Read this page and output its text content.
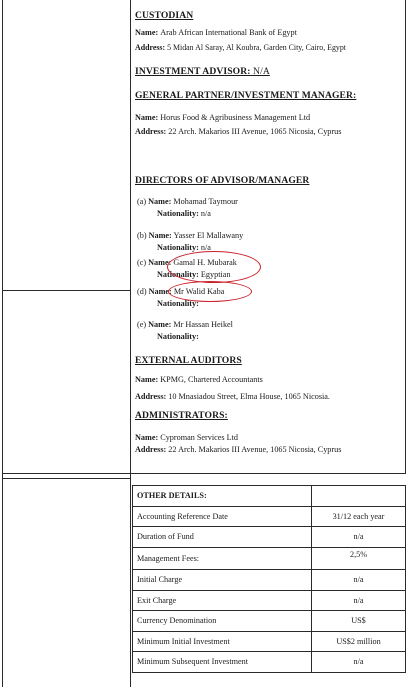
CUSTODIAN
Name: Arab African International Bank of Egypt
Address: 5 Midan Al Saray, Al Koubra, Garden City, Cairo, Egypt
INVESTMENT ADVISOR: N/A
GENERAL PARTNER/INVESTMENT MANAGER:
Name: Horus Food & Agribusiness Management Ltd
Address: 22 Arch. Makarios III Avenue, 1065 Nicosia, Cyprus
DIRECTORS OF ADVISOR/MANAGER
(a) Name: Mohamad Taymour
Nationality: n/a
(b) Name: Yasser El Mallawany
Nationality: n/a
(c) Name: Gamal H. Mubarak
Nationality: Egyptian
(d) Name: Mr Walid Kaba
Nationality:
(e) Name: Mr Hassan Heikel
Nationality:
EXTERNAL AUDITORS
Name: KPMG, Chartered Accountants
Address: 10 Mnasiadou Street, Elma House, 1065 Nicosia.
ADMINISTRATORS:
Name: Cyproman Services Ltd
Address: 22 Arch. Makarios III Avenue, 1065 Nicosia, Cyprus
OTHER DETAILS:	
Accounting Reference Date	31/12 each year
Duration of Fund	n/a
Management Fees:	2,5%
Initial Charge	n/a
Exit Charge	n/a
Currency Denomination	US$
Minimum Initial Investment	US$2 million
Minimum Subsequent Investment	n/a
